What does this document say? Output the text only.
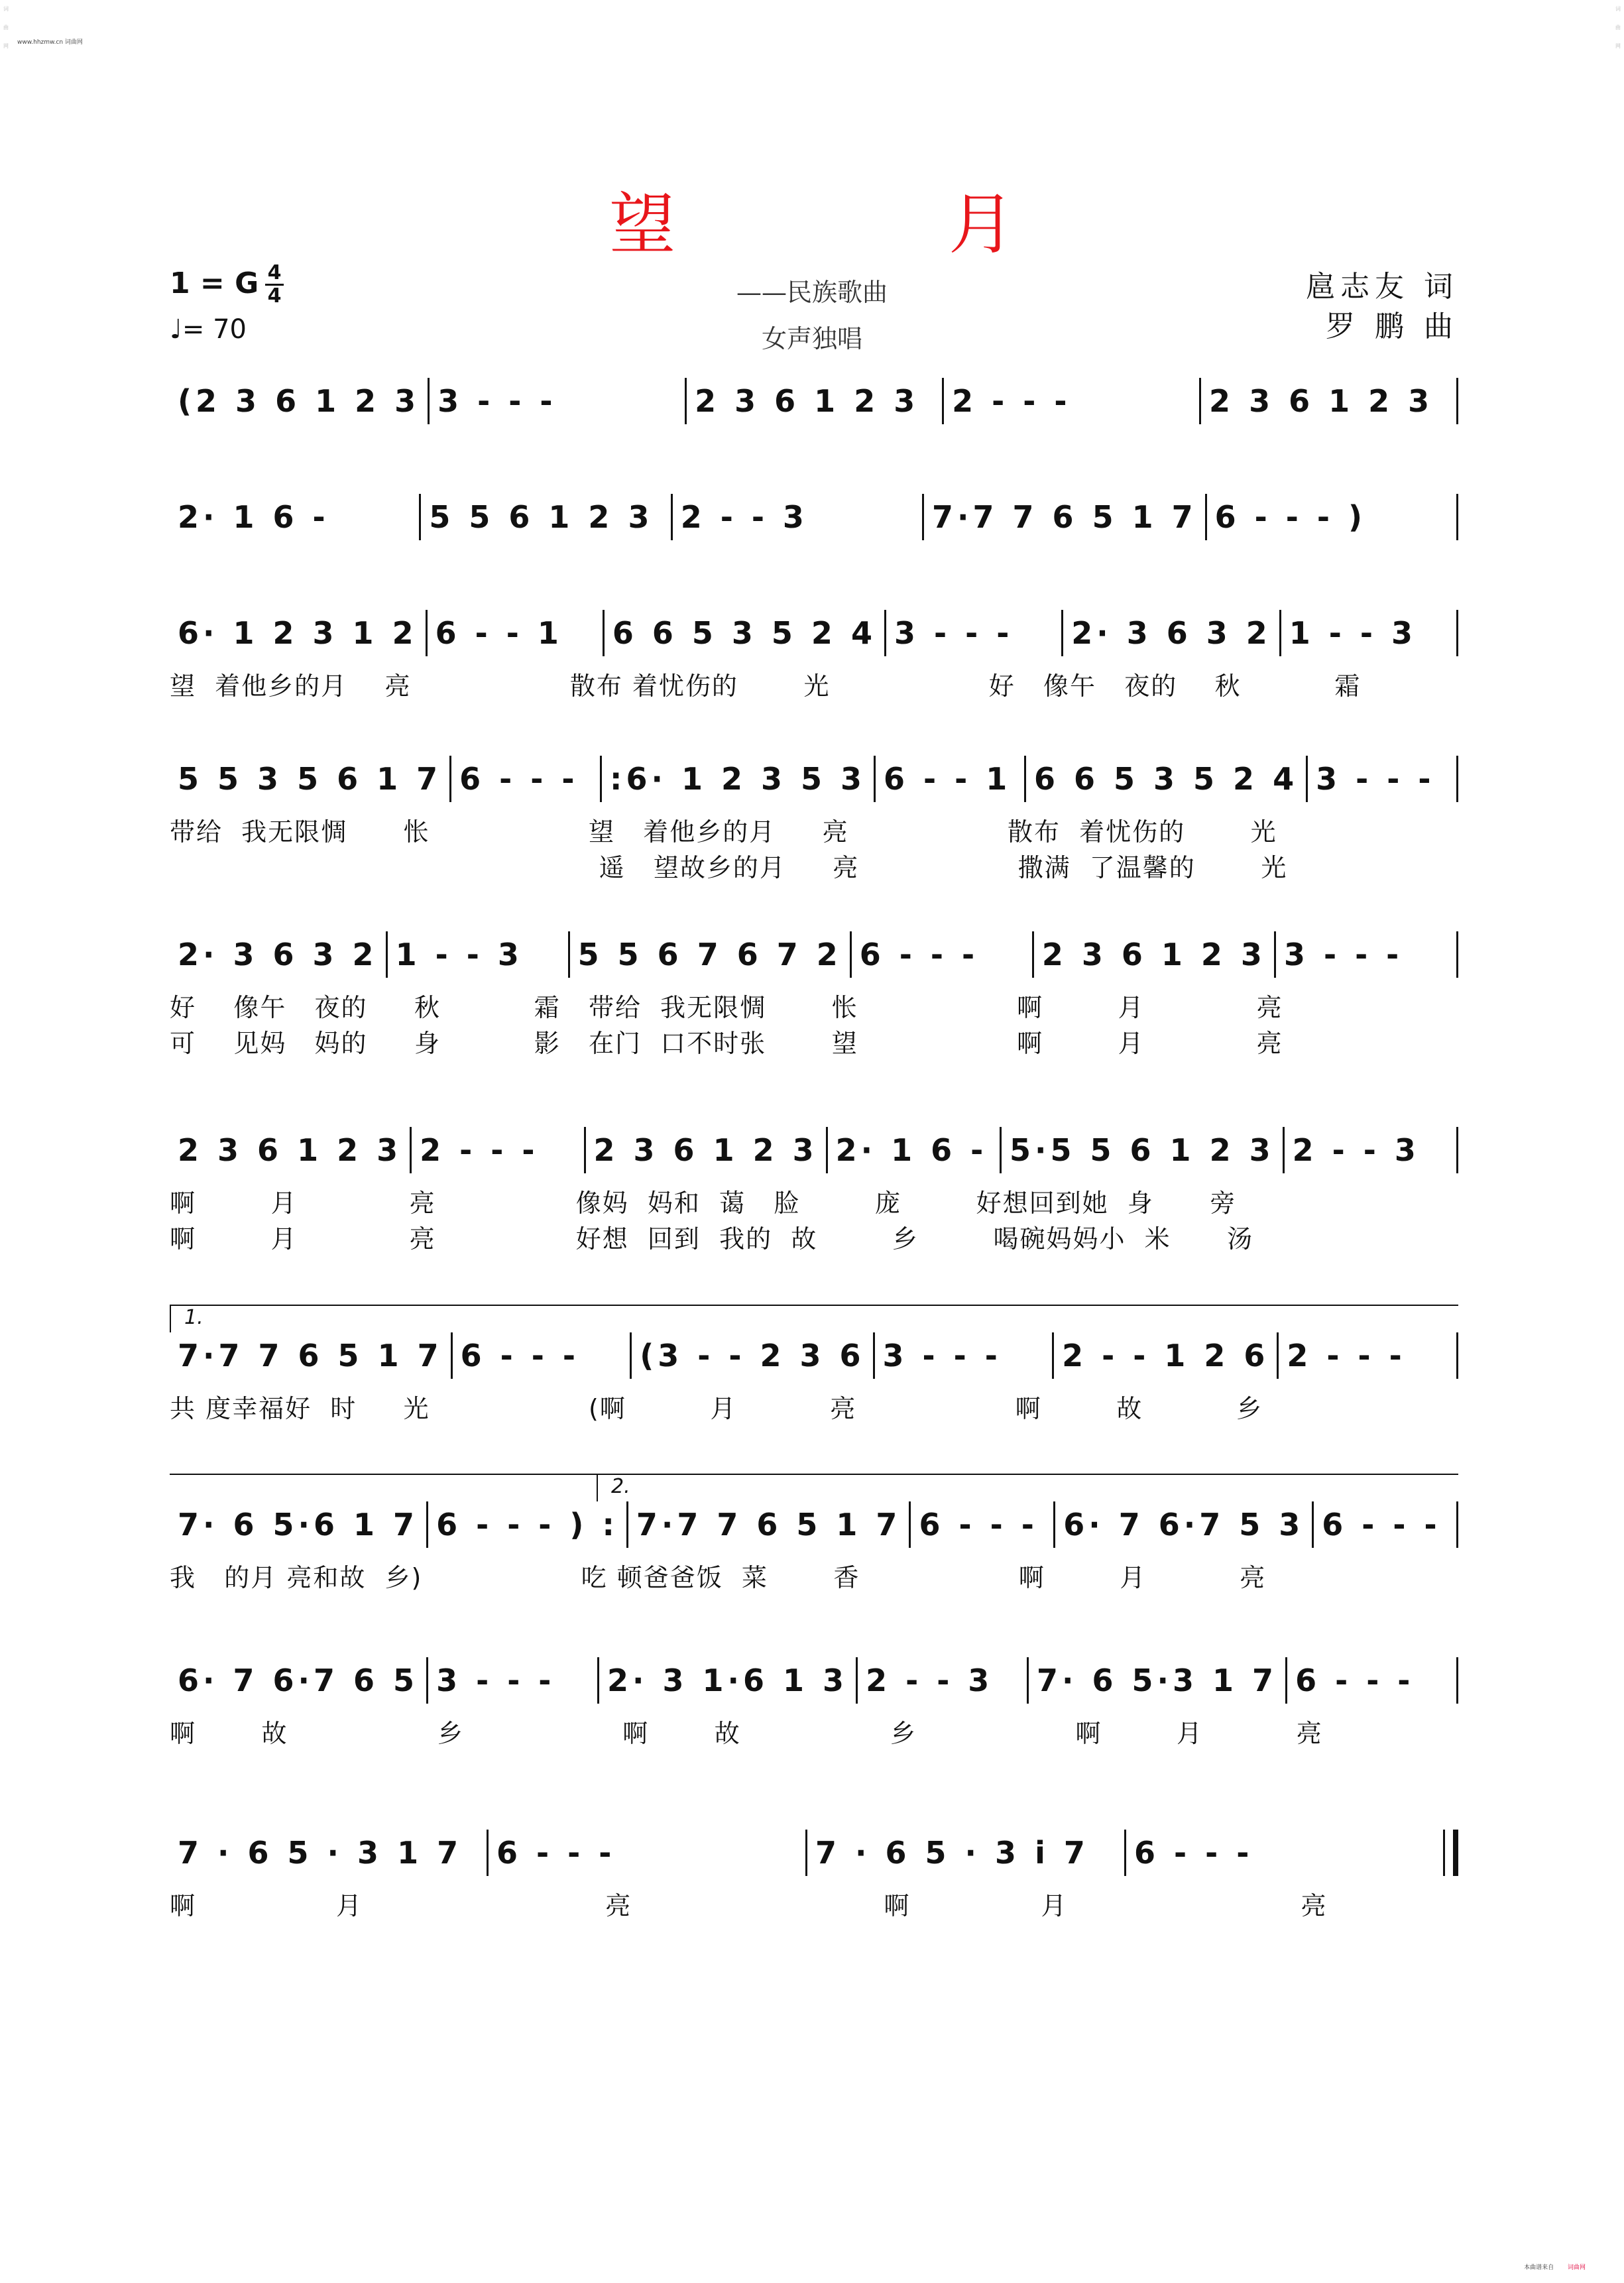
www.hhzmw.cn 词曲网
词曲网
词曲网
望 月
1 = G 4
4
♩= 70
——民族歌曲
女声独唱
扈志友 词
罗 鹏 曲
(2 3 6 1 2 3 3 - - -	2 3 6 1 2 3	2 - - -	2 3 6 1 2 3
2· 1 6 -	5 5 6 1 2 3 2 - - 3	7·7 7 6 5 1 7 6 - - - )
6· 1 2 3 1 2 6 - - 1	6 6 5 3 5 2 4 3 - - -	2· 3 6 3 2 1 - - 3
望  着他乡的月    亮                 散布 着忧伤的       光                 好   像午   夜的    秋          霜
5 5 3 5 6 1 7 6 - - -	:6· 1 2 3 5 3 6 - - 1 6 6 5 3 5 2 4 3 - - -
带给  我无限惆      怅                 望   着他乡的月     亮                 散布  着忧伤的       光
遥   望故乡的月     亮                 撒满  了温馨的       光
2· 3 6 3 2 1 - - 3	5 5 6 7 6 7 2 6 - - -	2 3 6 1 2 3 3 - - -
好    像午   夜的     秋          霜   带给  我无限惆       怅                 啊        月            亮
可    见妈   妈的     身          影   在门  口不时张       望                 啊        月            亮
2 3 6 1 2 3 2 - - -	2 3 6 1 2 3 2· 1 6 - 5·5 5 6 1 2 3 2 - - 3
啊        月            亮               像妈  妈和  蔼   脸        庞        好想回到她  身      旁
啊        月            亮               好想  回到  我的  故        乡        喝碗妈妈小  米      汤
7·7 7 6 5 1 7 6 - - -	(3 - - 2 3 6 3 - - -	2 - - 1 2 6 2 - - -
共 度幸福好  时     光                 (啊         月          亮                 啊        故          乡
7· 6 5·6 1 7 6 - - - ) : 7·7 7 6 5 1 7 6 - - - 6· 7 6·7 5 3 6 - - -
我   的月 亮和故  乡)                 吃 顿爸爸饭  菜       香                 啊        月          亮
6· 7 6·7 6 5 3 - - -	2· 3 1·6 1 3 2 - - 3	7· 6 5·3 1 7 6 - - -
啊       故                乡                 啊       故                乡                 啊        月          亮
7 · 6 5 · 3 1 7	6 - - -	7 · 6 5 · 3 i 7	6 - - -
啊               月                          亮                           啊              月                         亮
本曲谱来自 词曲网
1.
2.
